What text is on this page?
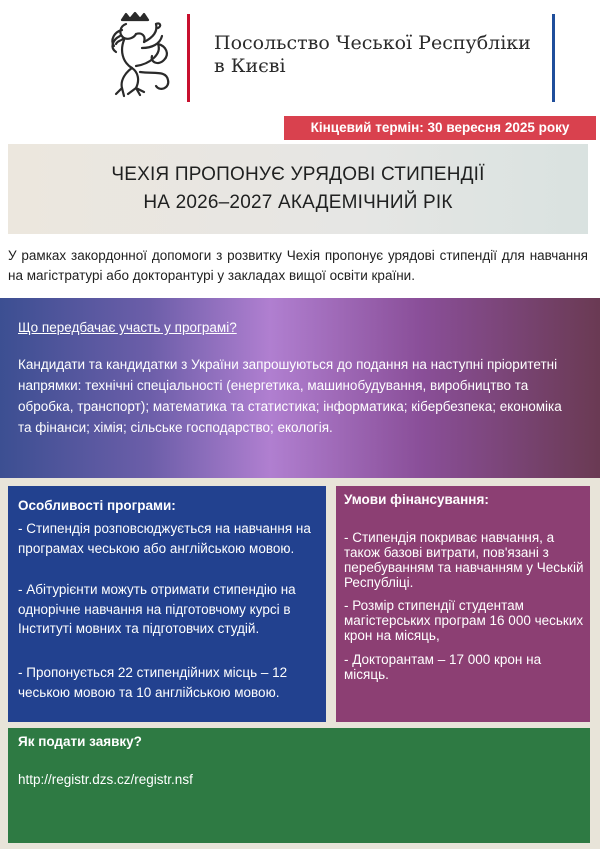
Посольство Чеської Республіки
в Києві
Кінцевий термін: 30 вересня 2025 року
ЧЕХІЯ ПРОПОНУЄ УРЯДОВІ СТИПЕНДІЇ
НА 2026–2027 АКАДЕМІЧНИЙ РІК

У рамках закордонної допомоги з розвитку Чехія пропонує урядові стипендії для навчання на магістратурі або докторантурі у закладах вищої освіти країни.

Що передбачає участь у програмі?

Кандидати та кандидатки з України запрошуються до подання на наступні пріоритетні напрямки: технічні спеціальності (енергетика, машинобудування, виробництво та обробка, транспорт); математика та статистика; інформатика; кібербезпека; економіка та фінанси; хімія; сільське господарство; екологія.

Особливості програми:

- Стипендія розповсюджується на навчання на програмах чеською або англійською мовою.

- Абітурієнти можуть отримати стипендію на однорічне навчання на підготовчому курсі в Інституті мовних та підготовчих студій.

- Пропонується 22 стипендійних місць – 12 чеською мовою та 10 англійською мовою.

Умови фінансування:

- Стипендія покриває навчання, а також базові витрати, пов'язані з перебуванням та навчанням у Чеській Республіці.

- Розмір стипендії студентам магістерських програм 16 000 чеських крон на місяць,

- Докторантам – 17 000 крон на місяць.

Як подати заявку?
http://registr.dzs.cz/registr.nsf
